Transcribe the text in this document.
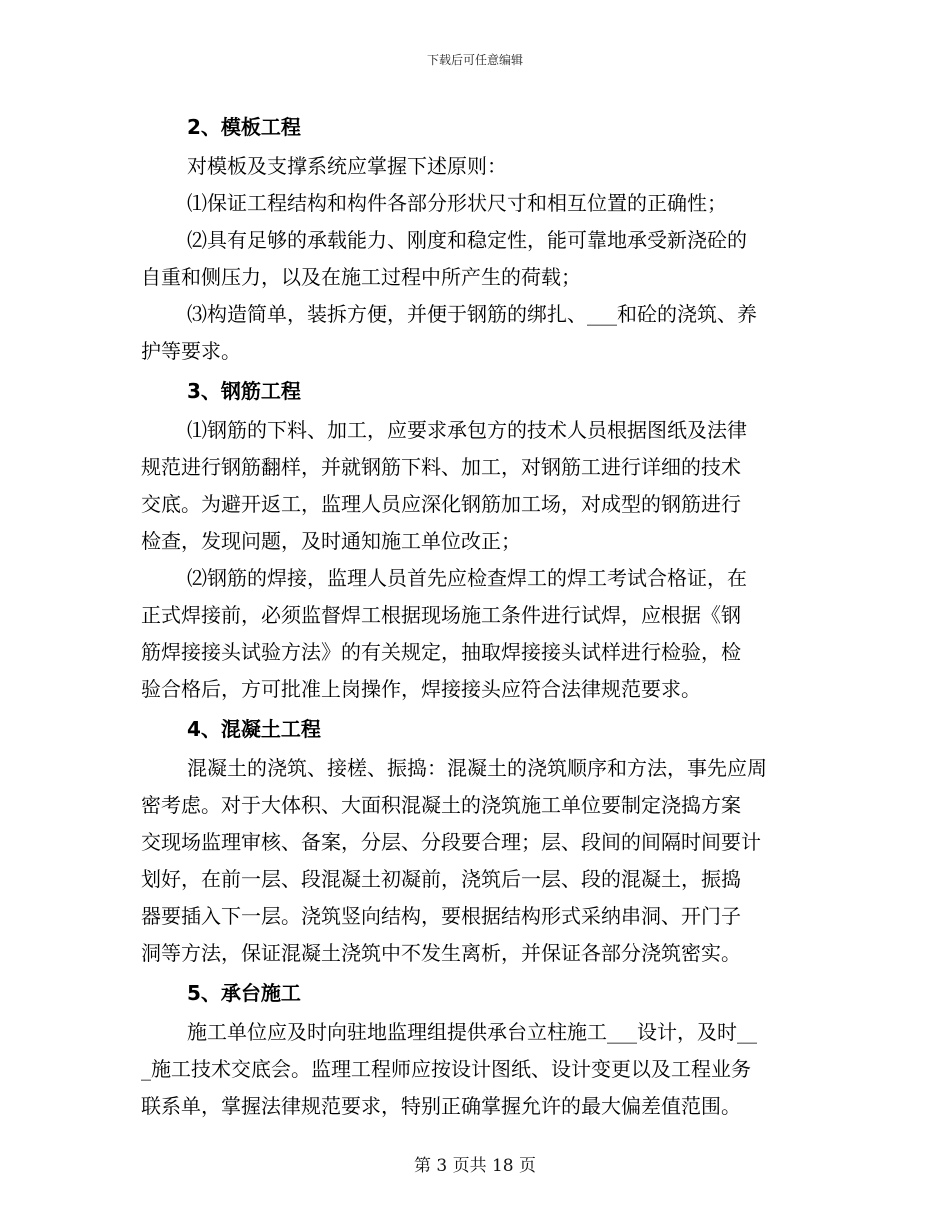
下载后可任意编辑
2、模板工程

对模板及支撑系统应掌握下述原则：

⑴保证工程结构和构件各部分形状尺寸和相互位置的正确性；

⑵具有足够的承载能力、刚度和稳定性，能可靠地承受新浇砼的
自重和侧压力，以及在施工过程中所产生的荷载；

⑶构造简单，装拆方便，并便于钢筋的绑扎、___和砼的浇筑、养
护等要求。

3、钢筋工程

⑴钢筋的下料、加工，应要求承包方的技术人员根据图纸及法律
规范进行钢筋翻样，并就钢筋下料、加工，对钢筋工进行详细的技术
交底。为避开返工，监理人员应深化钢筋加工场，对成型的钢筋进行
检查，发现问题，及时通知施工单位改正；

⑵钢筋的焊接，监理人员首先应检查焊工的焊工考试合格证，在
正式焊接前，必须监督焊工根据现场施工条件进行试焊，应根据《钢
筋焊接接头试验方法》的有关规定，抽取焊接接头试样进行检验，检
验合格后，方可批准上岗操作，焊接接头应符合法律规范要求。

4、混凝土工程

混凝土的浇筑、接槎、振捣：混凝土的浇筑顺序和方法，事先应周
密考虑。对于大体积、大面积混凝土的浇筑施工单位要制定浇捣方案
交现场监理审核、备案，分层、分段要合理；层、段间的间隔时间要计
划好，在前一层、段混凝土初凝前，浇筑后一层、段的混凝土，振捣
器要插入下一层。浇筑竖向结构，要根据结构形式采纳串洞、开门子
洞等方法，保证混凝土浇筑中不发生离析，并保证各部分浇筑密实。

5、承台施工

施工单位应及时向驻地监理组提供承台立柱施工___设计，及时__
_施工技术交底会。监理工程师应按设计图纸、设计变更以及工程业务
联系单，掌握法律规范要求，特别正确掌握允许的最大偏差值范围。

第 3 页共 18 页
